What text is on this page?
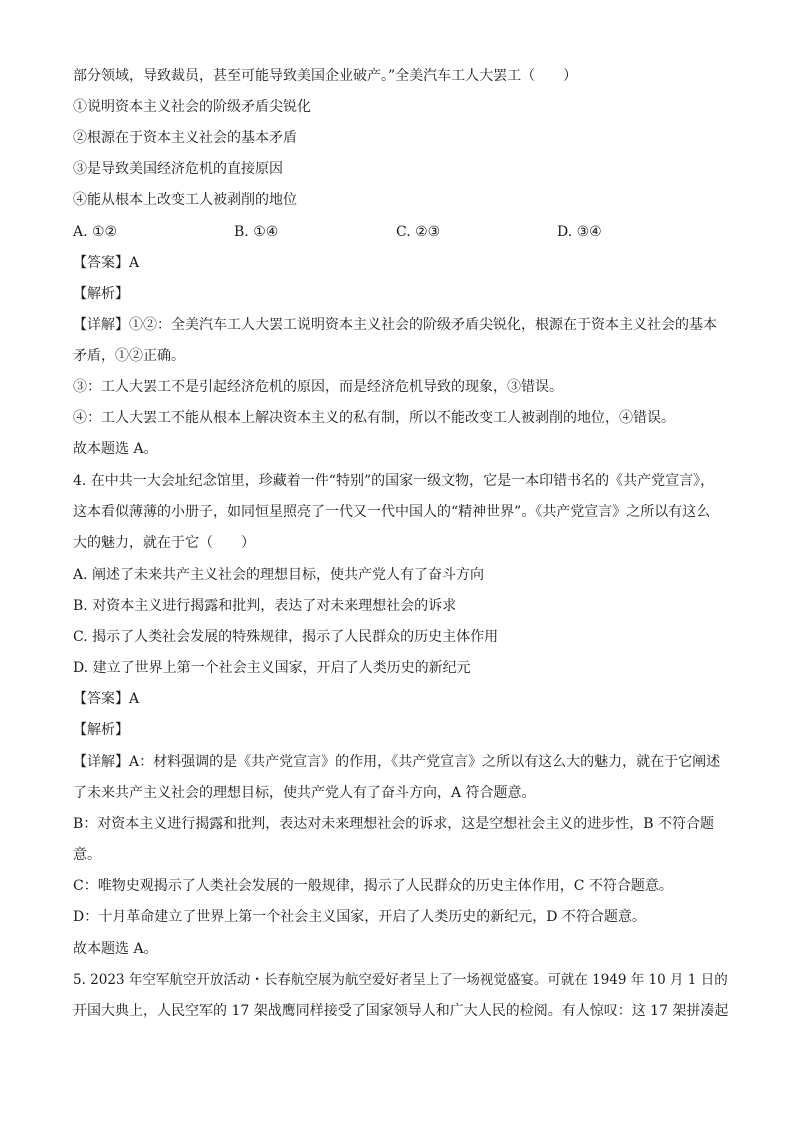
部分领域，导致裁员，甚至可能导致美国企业破产。”全美汽车工人大罢工（　　）
①说明资本主义社会的阶级矛盾尖锐化
②根源在于资本主义社会的基本矛盾
③是导致美国经济危机的直接原因
④能从根本上改变工人被剥削的地位
A. ①②	B. ①④	C. ②③	D. ③④
【答案】A
【解析】
【详解】①②：全美汽车工人大罢工说明资本主义社会的阶级矛盾尖锐化，根源在于资本主义社会的基本
矛盾，①②正确。
③：工人大罢工不是引起经济危机的原因，而是经济危机导致的现象，③错误。
④：工人大罢工不能从根本上解决资本主义的私有制，所以不能改变工人被剥削的地位，④错误。
故本题选 A。
4. 在中共一大会址纪念馆里，珍藏着一件“特别”的国家一级文物，它是一本印错书名的《共产党宣言》，
这本看似薄薄的小册子，如同恒星照亮了一代又一代中国人的“精神世界”。《共产党宣言》之所以有这么
大的魅力，就在于它（　　）
A. 阐述了未来共产主义社会的理想目标，使共产党人有了奋斗方向
B. 对资本主义进行揭露和批判，表达了对未来理想社会的诉求
C. 揭示了人类社会发展的特殊规律，揭示了人民群众的历史主体作用
D. 建立了世界上第一个社会主义国家，开启了人类历史的新纪元
【答案】A
【解析】
【详解】A：材料强调的是《共产党宣言》的作用，《共产党宣言》之所以有这么大的魅力，就在于它阐述
了未来共产主义社会的理想目标，使共产党人有了奋斗方向，A 符合题意。
B：对资本主义进行揭露和批判，表达对未来理想社会的诉求，这是空想社会主义的进步性，B 不符合题
意。
C：唯物史观揭示了人类社会发展的一般规律，揭示了人民群众的历史主体作用，C 不符合题意。
D：十月革命建立了世界上第一个社会主义国家，开启了人类历史的新纪元，D 不符合题意。
故本题选 A。
5. 2023 年空军航空开放活动・长春航空展为航空爱好者呈上了一场视觉盛宴。可就在 1949 年 10 月 1 日的
开国大典上，人民空军的 17 架战鹰同样接受了国家领导人和广大人民的检阅。有人惊叹：这 17 架拼凑起
